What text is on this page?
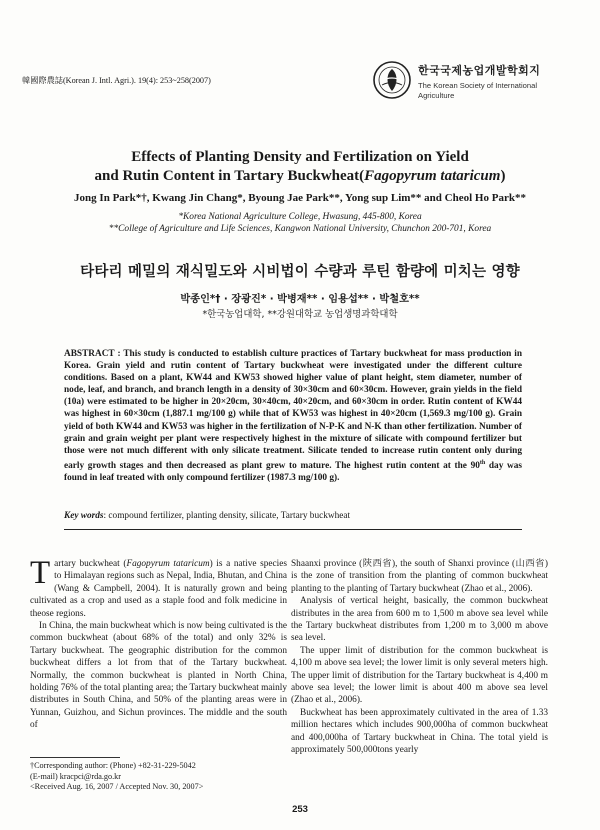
韓國際農誌(Korean J. Intl. Agri.). 19(4): 253~258(2007)
한국국제농업개발학회지
The Korean Society of International
Agriculture
Effects of Planting Density and Fertilization on Yield
and Rutin Content in Tartary Buckwheat(Fagopyrum tataricum)
Jong In Park*†, Kwang Jin Chang*, Byoung Jae Park**, Yong sup Lim** and Cheol Ho Park**
*Korea National Agriculture College, Hwasung, 445-800, Korea
**College of Agriculture and Life Sciences, Kangwon National University, Chunchon 200-701, Korea
타타리 메밀의 재식밀도와 시비법이 수량과 루틴 함량에 미치는 영향
박종인*† · 장광진* · 박병재** · 임용섭** · 박철호**
*한국농업대학, **강원대학교 농업생명과학대학
ABSTRACT : This study is conducted to establish culture practices of Tartary buckwheat for mass production in Korea. Grain yield and rutin content of Tartary buckwheat were investigated under the different culture conditions. Based on a plant, KW44 and KW53 showed higher value of plant height, stem diameter, number of node, leaf, and branch, and branch length in a density of 30×30cm and 60×30cm. However, grain yields in the field (10a) were estimated to be higher in 20×20cm, 30×40cm, 40×20cm, and 60×30cm in order. Rutin content of KW44 was highest in 60×30cm (1,887.1 mg/100 g) while that of KW53 was highest in 40×20cm (1,569.3 mg/100 g). Grain yield of both KW44 and KW53 was higher in the fertilization of N-P-K and N-K than other fertilization. Number of grain and grain weight per plant were respectively highest in the mixture of silicate with compound fertilizer but those were not much different with only silicate treatment. Silicate tended to increase rutin content only during early growth stages and then decreased as plant grew to mature. The highest rutin content at the 90th day was found in leaf treated with only compound fertilizer (1987.3 mg/100 g).
Key words: compound fertilizer, planting density, silicate, Tartary buckwheat

Tartary buckwheat (Fagopyrum tataricum) is a native species to Himalayan regions such as Nepal, India, Bhutan, and China (Wang & Campbell, 2004). It is naturally grown and being cultivated as a crop and used as a staple food and folk medicine in theose regions.

In China, the main buckwheat which is now being cultivated is the common buckwheat (about 68% of the total) and only 32% is Tartary buckwheat. The geographic distribution for the common buckwheat differs a lot from that of the Tartary buckwheat. Normally, the common buckwheat is planted in North China, holding 76% of the total planting area; the Tartary buckwheat mainly distributes in South China, and 50% of the planting areas were in Yunnan, Guizhou, and Sichun provinces. The middle and the south of

Shaanxi province (陝西省), the south of Shanxi province (山西省) is the zone of transition from the planting of common buckwheat planting to the planting of Tartary buckwheat (Zhao et al., 2006).

Analysis of vertical height, basically, the common buckwheat distributes in the area from 600 m to 1,500 m above sea level while the Tartary buckwheat distributes from 1,200 m to 3,000 m above sea level.

The upper limit of distribution for the common buckwheat is 4,100 m above sea level; the lower limit is only several meters high. The upper limit of distribution for the Tartary buckwheat is 4,400 m above sea level; the lower limit is about 400 m above sea level (Zhao et al., 2006).

Buckwheat has been approximately cultivated in the area of 1.33 million hectares which includes 900,000ha of common buckwheat and 400,000ha of Tartary buckwheat in China. The total yield is approximately 500,000tons yearly

†Corresponding author: (Phone) +82-31-229-5042
(E-mail) kracpci@rda.go.kr
<Received Aug. 16, 2007 / Accepted Nov. 30, 2007>
253
